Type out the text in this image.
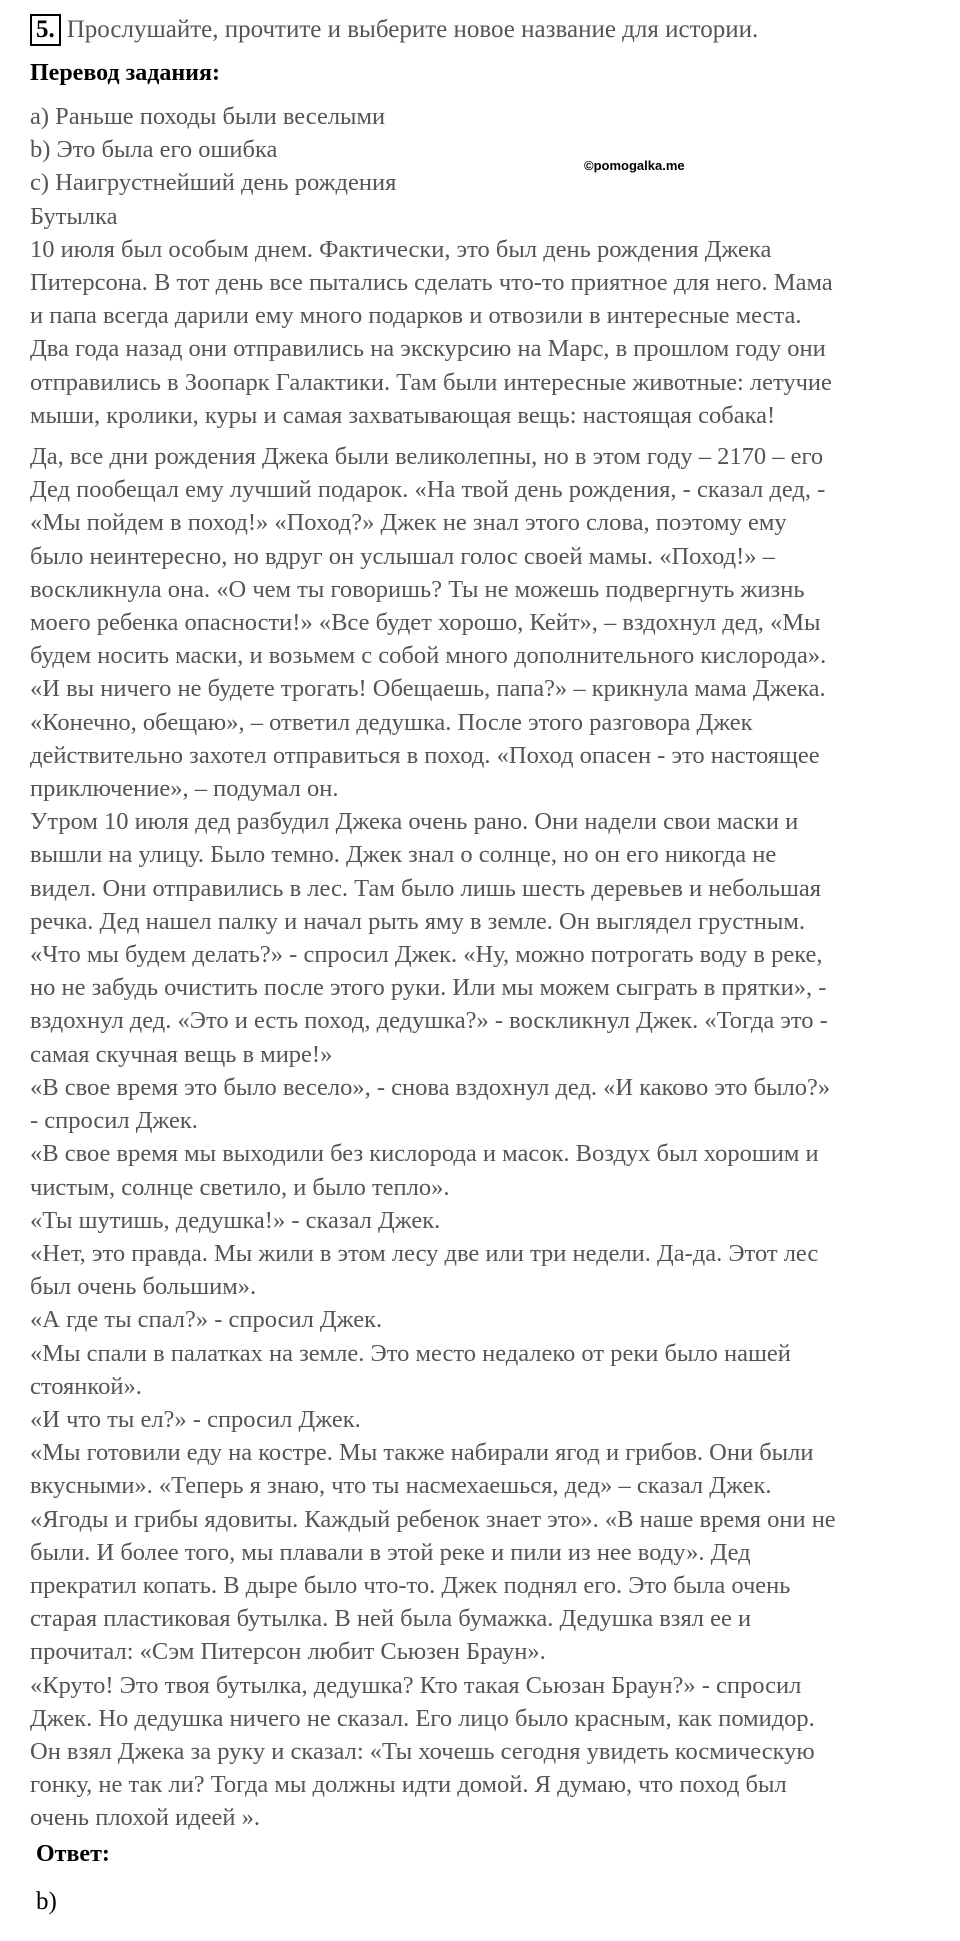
5. Прослушайте, прочтите и выберите новое название для истории.
Перевод задания:
a) Раньше походы были веселыми
b) Это была его ошибка
c) Наигрустнейший день рождения

Бутылка

10 июля был особым днем. Фактически, это был день рождения Джека

Питерсона. В тот день все пытались сделать что-то приятное для него. Мама

и папа всегда дарили ему много подарков и отвозили в интересные места.

Два года назад они отправились на экскурсию на Марс, в прошлом году они

отправились в Зоопарк Галактики. Там были интересные животные: летучие

мыши, кролики, куры и самая захватывающая вещь: настоящая собака!

Да, все дни рождения Джека были великолепны, но в этом году – 2170 – его

Дед пообещал ему лучший подарок. «На твой день рождения, - сказал дед, -

«Мы пойдем в поход!» «Поход?» Джек не знал этого слова, поэтому ему

было неинтересно, но вдруг он услышал голос своей мамы. «Поход!» –

воскликнула она. «О чем ты говоришь? Ты не можешь подвергнуть жизнь

моего ребенка опасности!» «Все будет хорошо, Кейт», – вздохнул дед, «Мы

будем носить маски, и возьмем с собой много дополнительного кислорода».

«И вы ничего не будете трогать! Обещаешь, папа?» – крикнула мама Джека.

«Конечно, обещаю», – ответил дедушка. После этого разговора Джек

действительно захотел отправиться в поход. «Поход опасен - это настоящее

приключение», – подумал он.

Утром 10 июля дед разбудил Джека очень рано. Они надели свои маски и

вышли на улицу. Было темно. Джек знал о солнце, но он его никогда не

видел. Они отправились в лес. Там было лишь шесть деревьев и небольшая

речка. Дед нашел палку и начал рыть яму в земле. Он выглядел грустным.

«Что мы будем делать?» - спросил Джек. «Ну, можно потрогать воду в реке,

но не забудь очистить после этого руки. Или мы можем сыграть в прятки», -

вздохнул дед. «Это и есть поход, дедушка?» - воскликнул Джек. «Тогда это -

самая скучная вещь в мире!»

«В свое время это было весело», - снова вздохнул дед. «И каково это было?»

- спросил Джек.

«В свое время мы выходили без кислорода и масок. Воздух был хорошим и

чистым, солнце светило, и было тепло».

«Ты шутишь, дедушка!» - сказал Джек.

«Нет, это правда. Мы жили в этом лесу две или три недели. Да-да. Этот лес

был очень большим».

«А где ты спал?» - спросил Джек.

«Мы спали в палатках на земле. Это место недалеко от реки было нашей

стоянкой».

«И что ты ел?» - спросил Джек.

«Мы готовили еду на костре. Мы также набирали ягод и грибов. Они были

вкусными». «Теперь я знаю, что ты насмехаешься, дед» – сказал Джек.

«Ягоды и грибы ядовиты. Каждый ребенок знает это». «В наше время они не

были. И более того, мы плавали в этой реке и пили из нее воду». Дед

прекратил копать. В дыре было что-то. Джек поднял его. Это была очень

старая пластиковая бутылка. В ней была бумажка. Дедушка взял ее и

прочитал: «Сэм Питерсон любит Сьюзен Браун».

«Круто! Это твоя бутылка, дедушка? Кто такая Сьюзан Браун?» - спросил

Джек. Но дедушка ничего не сказал. Его лицо было красным, как помидор.

Он взял Джека за руку и сказал: «Ты хочешь сегодня увидеть космическую

гонку, не так ли? Тогда мы должны идти домой. Я думаю, что поход был

очень плохой идеей ».

Ответ:
b)
©pomogalka.me
